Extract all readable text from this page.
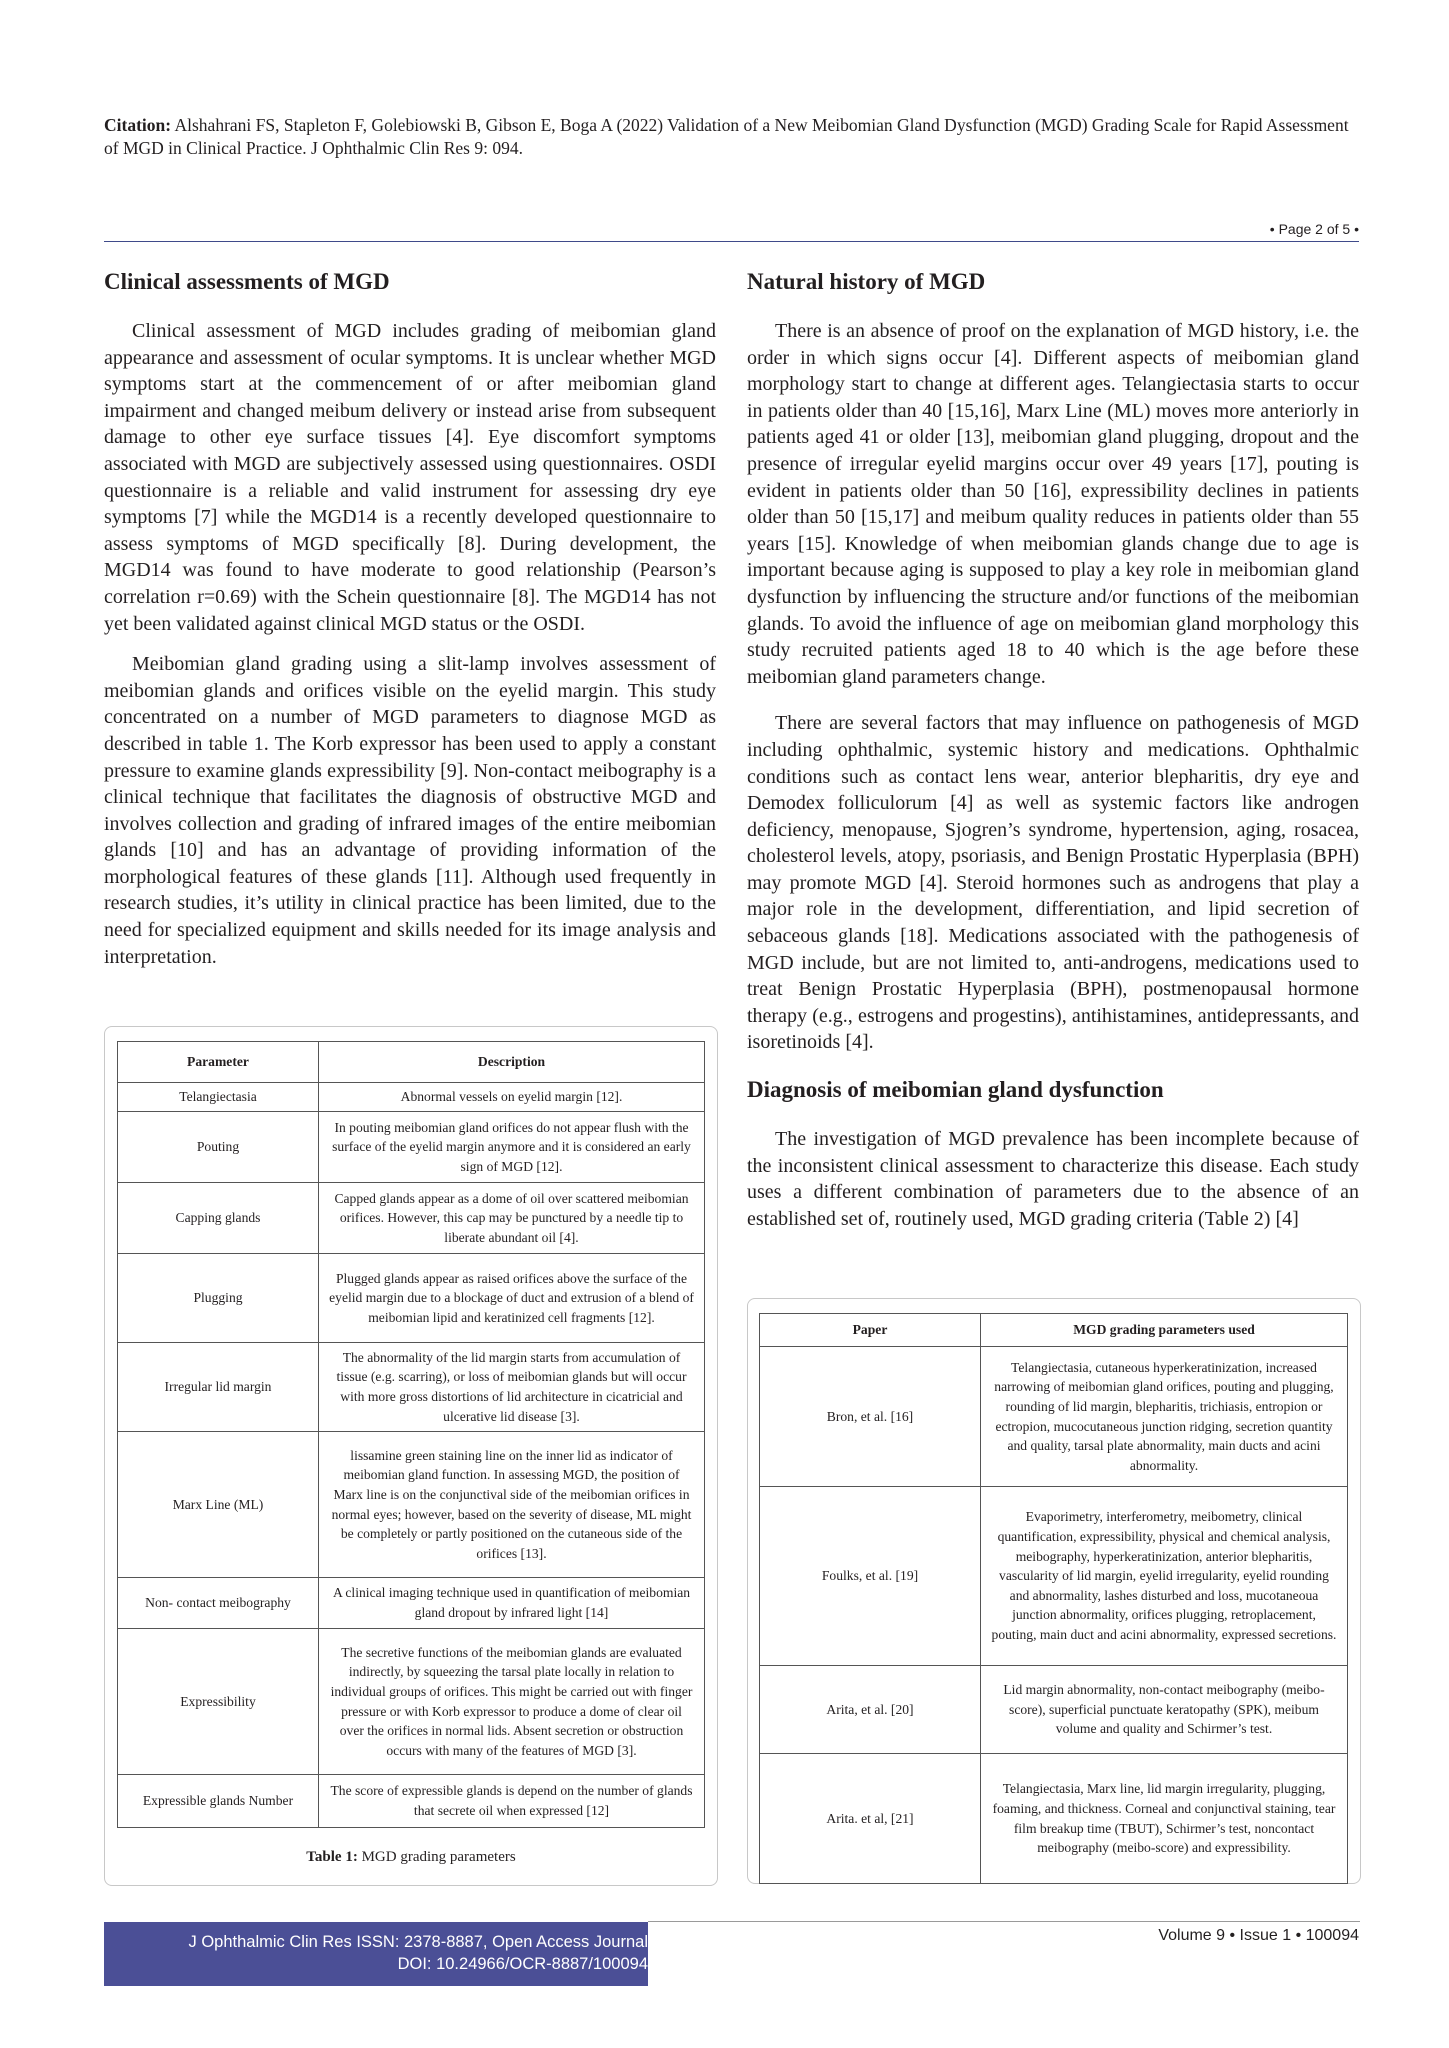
Citation: Alshahrani FS, Stapleton F, Golebiowski B, Gibson E, Boga A (2022) Validation of a New Meibomian Gland Dysfunction (MGD) Grading Scale for Rapid Assessment of MGD in Clinical Practice. J Ophthalmic Clin Res 9: 094.
• Page 2 of 5 •
Clinical assessments of MGD

Clinical assessment of MGD includes grading of meibomian gland appearance and assessment of ocular symptoms. It is unclear whether MGD symptoms start at the commencement of or after meibomian gland impairment and changed meibum delivery or instead arise from subsequent damage to other eye surface tissues [4]. Eye discomfort symptoms associated with MGD are subjectively assessed using questionnaires. OSDI questionnaire is a reliable and valid instrument for assessing dry eye symptoms [7] while the MGD14 is a recently developed questionnaire to assess symptoms of MGD specifically [8]. During development, the MGD14 was found to have moderate to good relationship (Pearson’s correlation r=0.69) with the Schein questionnaire [8]. The MGD14 has not yet been validated against clinical MGD status or the OSDI.

Meibomian gland grading using a slit-lamp involves assessment of meibomian glands and orifices visible on the eyelid margin. This study concentrated on a number of MGD parameters to diagnose MGD as described in table 1. The Korb expressor has been used to apply a constant pressure to examine glands expressibility [9]. Non-contact meibography is a clinical technique that facilitates the diagnosis of obstructive MGD and involves collection and grading of infrared images of the entire meibomian glands [10] and has an advantage of providing information of the morphological features of these glands [11]. Although used frequently in research studies, it’s utility in clinical practice has been limited, due to the need for specialized equipment and skills needed for its image analysis and interpretation.

Parameter	Description
Telangiectasia	Abnormal vessels on eyelid margin [12].
Pouting	In pouting meibomian gland orifices do not appear flush with the surface of the eyelid margin anymore and it is considered an early sign of MGD [12].
Capping glands	Capped glands appear as a dome of oil over scattered meibomian orifices. However, this cap may be punctured by a needle tip to liberate abundant oil [4].
Plugging	Plugged glands appear as raised orifices above the surface of the eyelid margin due to a blockage of duct and extrusion of a blend of meibomian lipid and keratinized cell fragments [12].
Irregular lid margin	The abnormality of the lid margin starts from accumulation of tissue (e.g. scarring), or loss of meibomian glands but will occur with more gross distortions of lid architecture in cicatricial and ulcerative lid disease [3].
Marx Line (ML)	lissamine green staining line on the inner lid as indicator of meibomian gland function. In assessing MGD, the position of Marx line is on the conjunctival side of the meibomian orifices in normal eyes; however, based on the severity of disease, ML might be completely or partly positioned on the cutaneous side of the orifices [13].
Non- contact meibography	A clinical imaging technique used in quantification of meibomian gland dropout by infrared light [14]
Expressibility	The secretive functions of the meibomian glands are evaluated indirectly, by squeezing the tarsal plate locally in relation to individual groups of orifices. This might be carried out with finger pressure or with Korb expressor to produce a dome of clear oil over the orifices in normal lids. Absent secretion or obstruction occurs with many of the features of MGD [3].
Expressible glands Number	The score of expressible glands is depend on the number of glands that secrete oil when expressed [12]
Table 1: MGD grading parameters
Natural history of MGD

There is an absence of proof on the explanation of MGD history, i.e. the order in which signs occur [4]. Different aspects of meibomian gland morphology start to change at different ages. Telangiectasia starts to occur in patients older than 40 [15,16], Marx Line (ML) moves more anteriorly in patients aged 41 or older [13], meibomian gland plugging, dropout and the presence of irregular eyelid margins occur over 49 years [17], pouting is evident in patients older than 50 [16], expressibility declines in patients older than 50 [15,17] and meibum quality reduces in patients older than 55 years [15]. Knowledge of when meibomian glands change due to age is important because aging is supposed to play a key role in meibomian gland dysfunction by influencing the structure and/or functions of the meibomian glands. To avoid the influence of age on meibomian gland morphology this study recruited patients aged 18 to 40 which is the age before these meibomian gland parameters change.

There are several factors that may influence on pathogenesis of MGD including ophthalmic, systemic history and medications. Ophthalmic conditions such as contact lens wear, anterior blepharitis, dry eye and Demodex folliculorum [4] as well as systemic factors like androgen deficiency, menopause, Sjogren’s syndrome, hypertension, aging, rosacea, cholesterol levels, atopy, psoriasis, and Benign Prostatic Hyperplasia (BPH) may promote MGD [4]. Steroid hormones such as androgens that play a major role in the development, differentiation, and lipid secretion of sebaceous glands [18]. Medications associated with the pathogenesis of MGD include, but are not limited to, anti-androgens, medications used to treat Benign Prostatic Hyperplasia (BPH), postmenopausal hormone therapy (e.g., estrogens and progestins), antihistamines, antidepressants, and isoretinoids [4].

Diagnosis of meibomian gland dysfunction

The investigation of MGD prevalence has been incomplete because of the inconsistent clinical assessment to characterize this disease. Each study uses a different combination of parameters due to the absence of an established set of, routinely used, MGD grading criteria (Table 2) [4]

Paper	MGD grading parameters used
Bron, et al. [16]	Telangiectasia, cutaneous hyperkeratinization, increased narrowing of meibomian gland orifices, pouting and plugging, rounding of lid margin, blepharitis, trichiasis, entropion or ectropion, mucocutaneous junction ridging, secretion quantity and quality, tarsal plate abnormality, main ducts and acini abnormality.
Foulks, et al. [19]	Evaporimetry, interferometry, meibometry, clinical quantification, expressibility, physical and chemical analysis, meibography, hyperkeratinization, anterior blepharitis, vascularity of lid margin, eyelid irregularity, eyelid rounding and abnormality, lashes disturbed and loss, mucotaneoua junction abnormality, orifices plugging, retroplacement, pouting, main duct and acini abnormality, expressed secretions.
Arita, et al. [20]	Lid margin abnormality, non-contact meibography (meibo-score), superficial punctuate keratopathy (SPK), meibum volume and quality and Schirmer’s test.
Arita. et al, [21]	Telangiectasia, Marx line, lid margin irregularity, plugging, foaming, and thickness. Corneal and conjunctival staining, tear film breakup time (TBUT), Schirmer’s test, noncontact meibography (meibo-score) and expressibility.
J Ophthalmic Clin Res ISSN: 2378-8887, Open Access Journal
DOI: 10.24966/OCR-8887/100094
Volume 9 • Issue 1 • 100094
